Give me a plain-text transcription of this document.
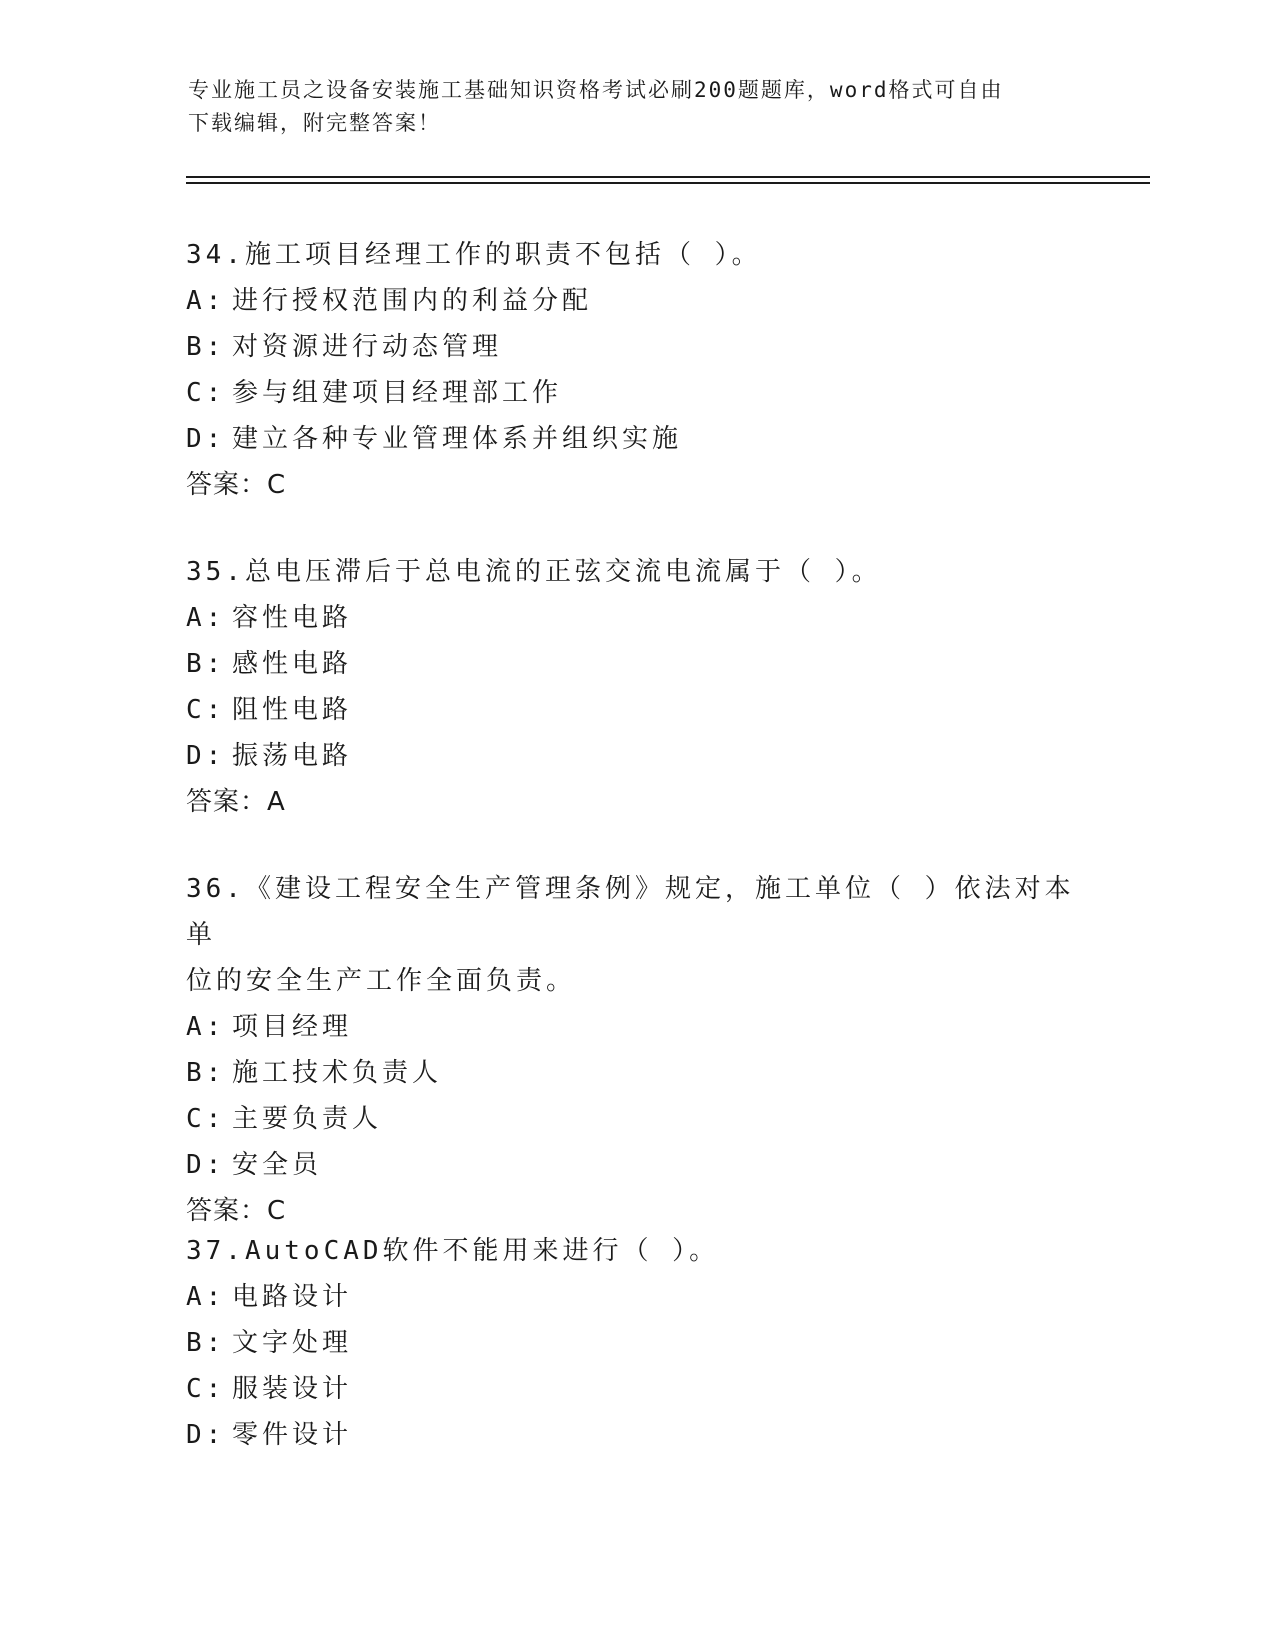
专业施工员之设备安装施工基础知识资格考试必刷200题题库，word格式可自由
下载编辑，附完整答案！

34.施工项目经理工作的职责不包括（ ）。

A: 进行授权范围内的利益分配

B: 对资源进行动态管理

C: 参与组建项目经理部工作

D: 建立各种专业管理体系并组织实施

答案：C

35.总电压滞后于总电流的正弦交流电流属于（ ）。

A: 容性电路

B: 感性电路

C: 阻性电路

D: 振荡电路

答案：A

36.《建设工程安全生产管理条例》规定，施工单位（ ）依法对本单

位的安全生产工作全面负责。

A: 项目经理

B: 施工技术负责人

C: 主要负责人

D: 安全员

答案：C

37.AutoCAD软件不能用来进行（ ）。

A: 电路设计

B: 文字处理

C: 服装设计

D: 零件设计
